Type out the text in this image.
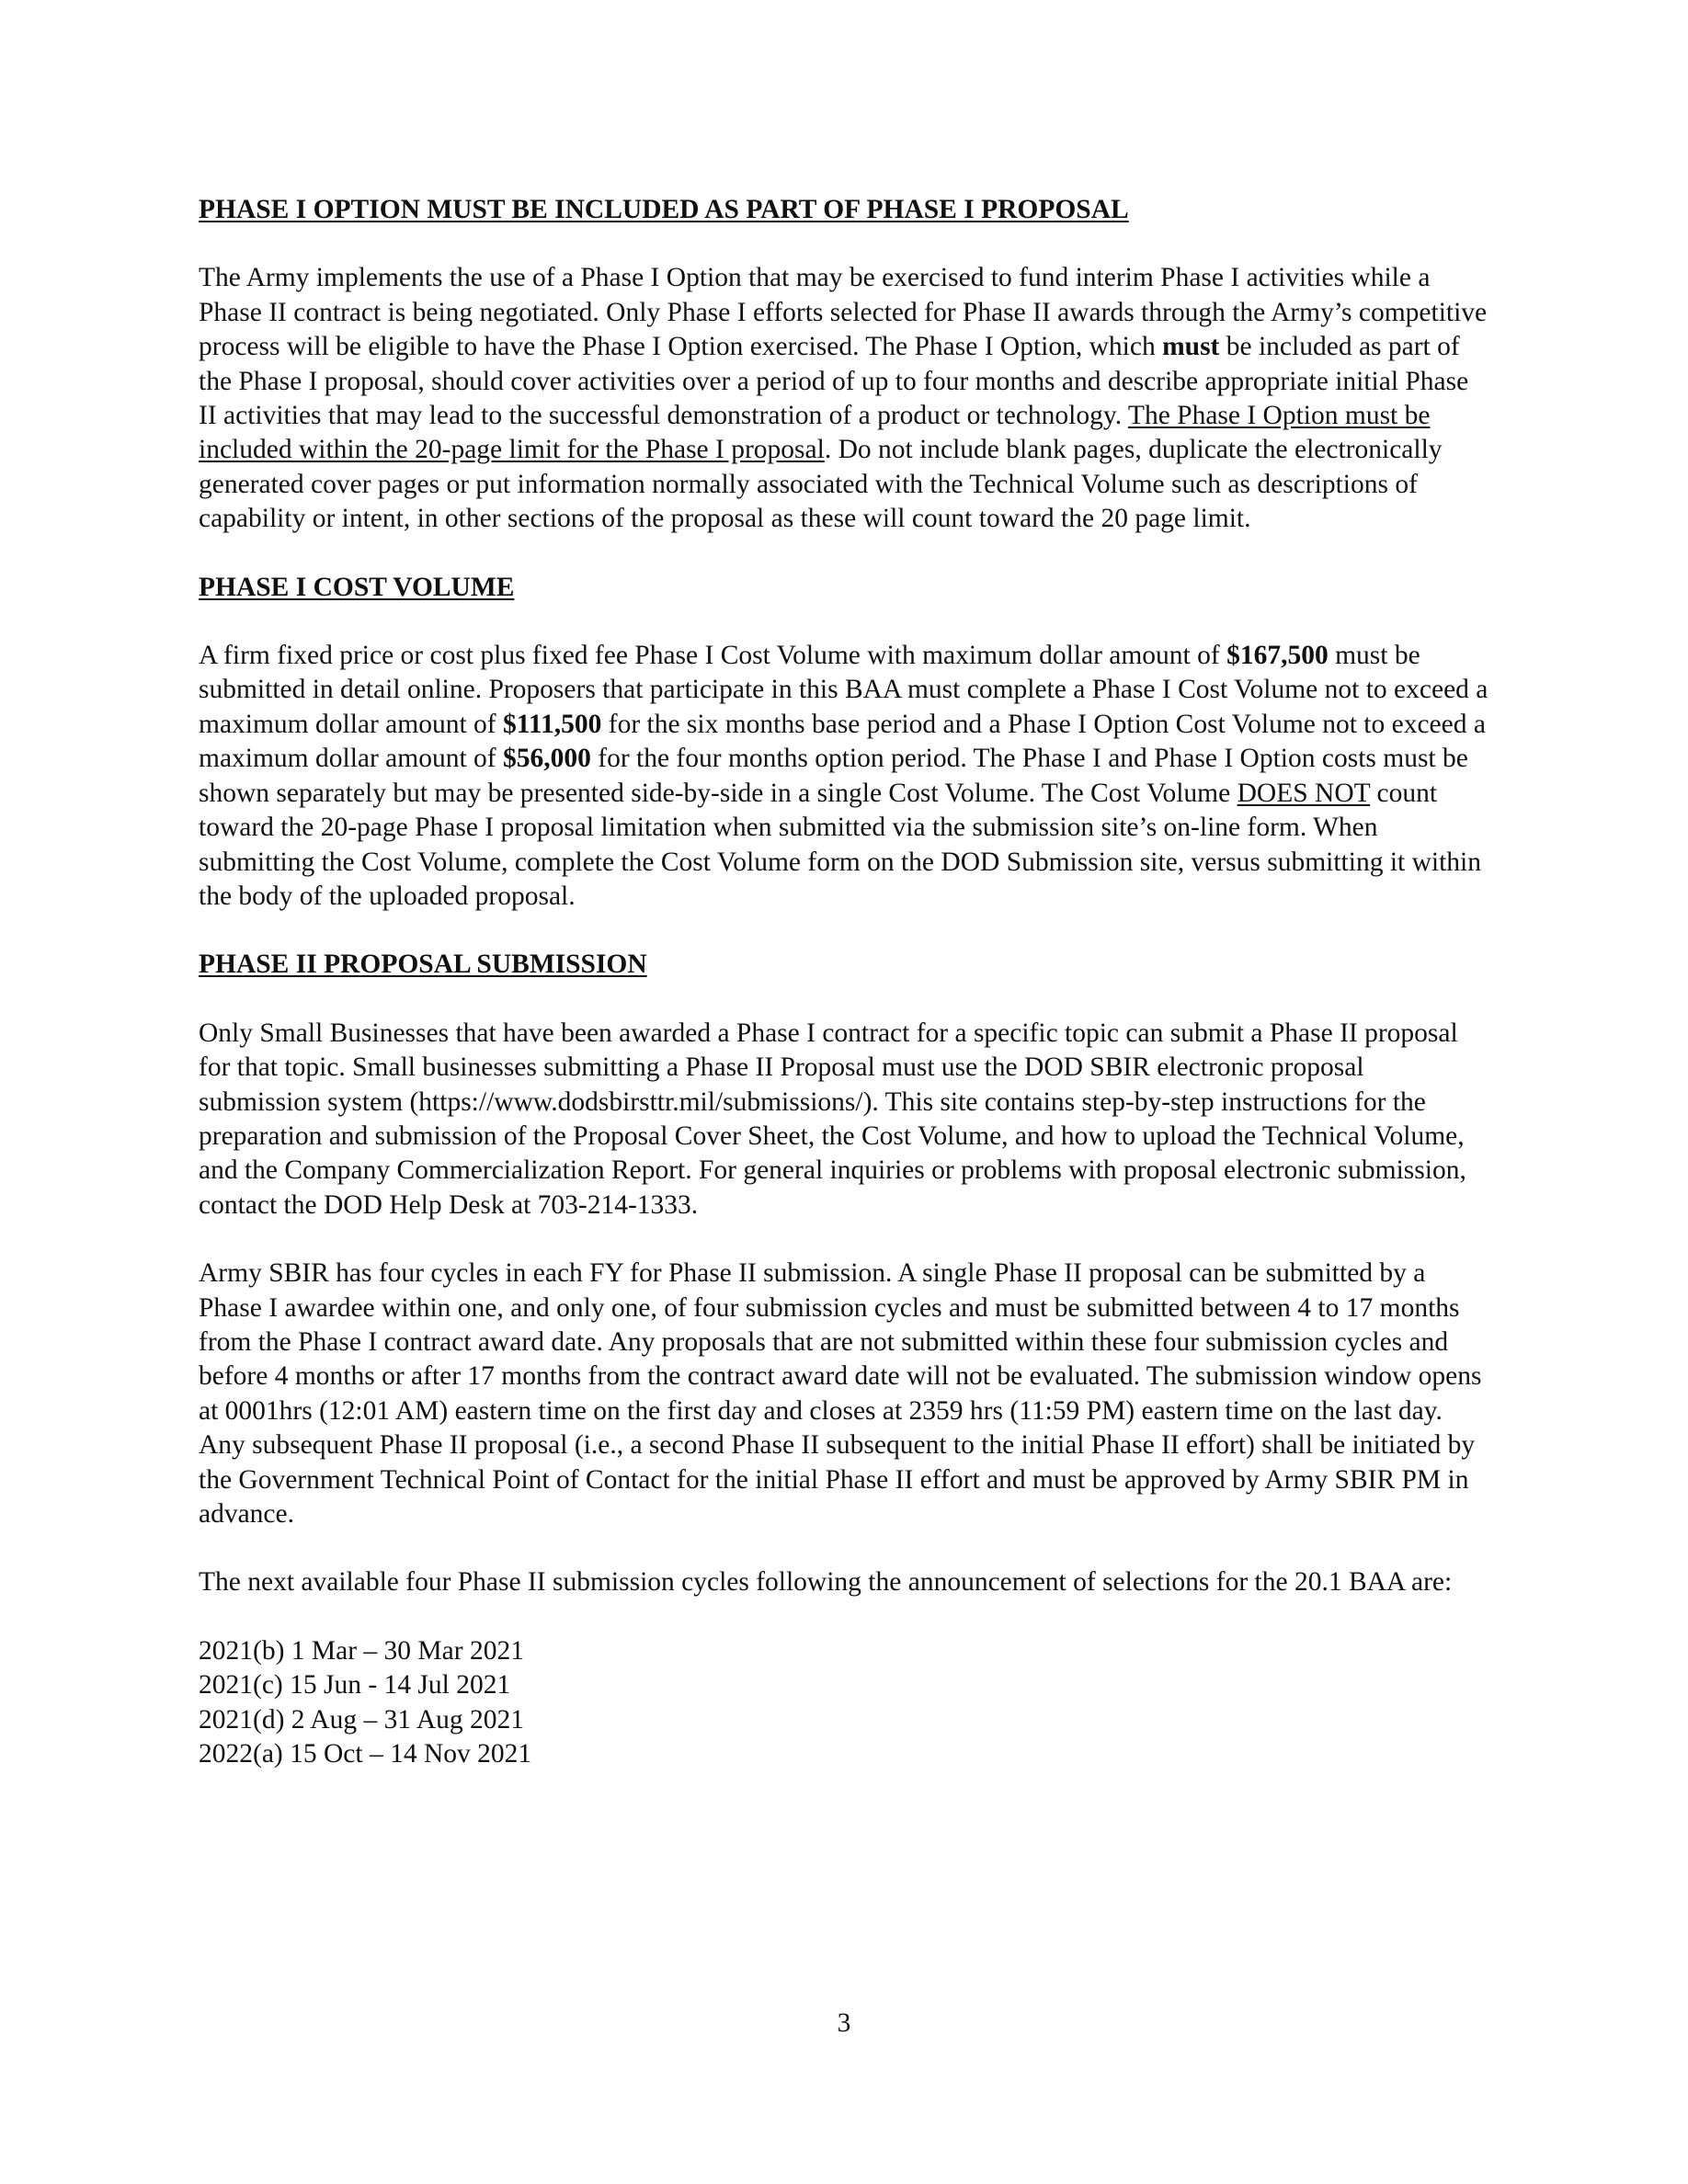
PHASE I OPTION MUST BE INCLUDED AS PART OF PHASE I PROPOSAL

The Army implements the use of a Phase I Option that may be exercised to fund interim Phase I activities while a Phase II contract is being negotiated. Only Phase I efforts selected for Phase II awards through the Army’s competitive process will be eligible to have the Phase I Option exercised. The Phase I Option, which must be included as part of the Phase I proposal, should cover activities over a period of up to four months and describe appropriate initial Phase II activities that may lead to the successful demonstration of a product or technology. The Phase I Option must be included within the 20-page limit for the Phase I proposal. Do not include blank pages, duplicate the electronically generated cover pages or put information normally associated with the Technical Volume such as descriptions of capability or intent, in other sections of the proposal as these will count toward the 20 page limit.

PHASE I COST VOLUME

A firm fixed price or cost plus fixed fee Phase I Cost Volume with maximum dollar amount of $167,500 must be submitted in detail online. Proposers that participate in this BAA must complete a Phase I Cost Volume not to exceed a maximum dollar amount of $111,500 for the six months base period and a Phase I Option Cost Volume not to exceed a maximum dollar amount of $56,000 for the four months option period. The Phase I and Phase I Option costs must be shown separately but may be presented side-by-side in a single Cost Volume. The Cost Volume DOES NOT count toward the 20-page Phase I proposal limitation when submitted via the submission site’s on-line form. When submitting the Cost Volume, complete the Cost Volume form on the DOD Submission site, versus submitting it within the body of the uploaded proposal.

PHASE II PROPOSAL SUBMISSION

Only Small Businesses that have been awarded a Phase I contract for a specific topic can submit a Phase II proposal for that topic. Small businesses submitting a Phase II Proposal must use the DOD SBIR electronic proposal submission system (https://www.dodsbirsttr.mil/submissions/). This site contains step-by-step instructions for the preparation and submission of the Proposal Cover Sheet, the Cost Volume, and how to upload the Technical Volume, and the Company Commercialization Report. For general inquiries or problems with proposal electronic submission, contact the DOD Help Desk at 703-214-1333.

Army SBIR has four cycles in each FY for Phase II submission. A single Phase II proposal can be submitted by a Phase I awardee within one, and only one, of four submission cycles and must be submitted between 4 to 17 months from the Phase I contract award date. Any proposals that are not submitted within these four submission cycles and before 4 months or after 17 months from the contract award date will not be evaluated. The submission window opens at 0001hrs (12:01 AM) eastern time on the first day and closes at 2359 hrs (11:59 PM) eastern time on the last day. Any subsequent Phase II proposal (i.e., a second Phase II subsequent to the initial Phase II effort) shall be initiated by the Government Technical Point of Contact for the initial Phase II effort and must be approved by Army SBIR PM in advance.

The next available four Phase II submission cycles following the announcement of selections for the 20.1 BAA are:

2021(b) 1 Mar – 30 Mar 2021
2021(c) 15 Jun - 14 Jul 2021
2021(d) 2 Aug – 31 Aug 2021
2022(a) 15 Oct – 14 Nov 2021
3
